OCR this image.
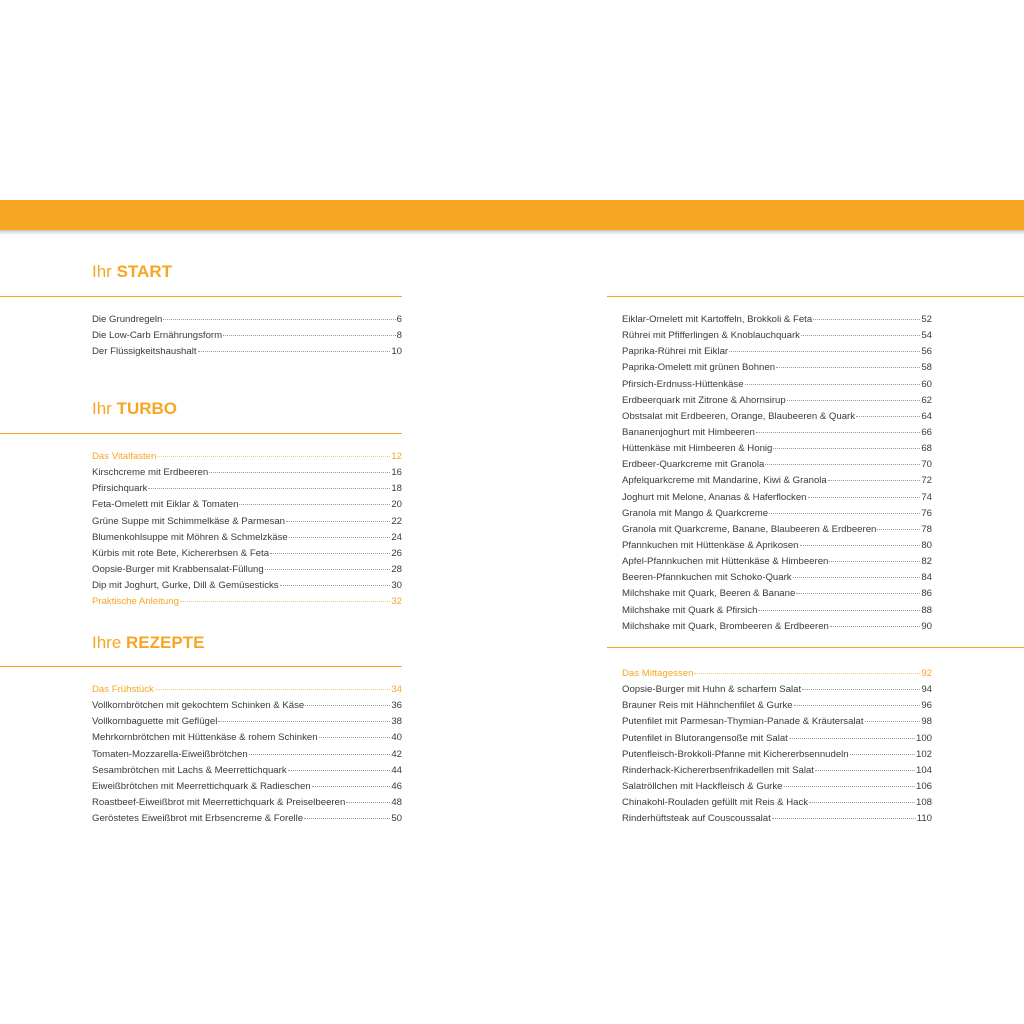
Ihr START
Die Grundregeln	6
Die Low-Carb Ernährungsform	8
Der Flüssigkeitshaushalt	10
Ihr TURBO
Das Vitalfasten	12
Kirschcreme mit Erdbeeren	16
Pfirsichquark	18
Feta-Omelett mit Eiklar & Tomaten	20
Grüne Suppe mit Schimmelkäse & Parmesan	22
Blumenkohlsuppe mit Möhren & Schmelzkäse	24
Kürbis mit rote Bete, Kichererbsen & Feta	26
Oopsie-Burger mit Krabbensalat-Füllung	28
Dip mit Joghurt, Gurke, Dill & Gemüsesticks	30
Praktische Anleitung	32
Ihre REZEPTE
Das Frühstück	34
Vollkornbrötchen mit gekochtem Schinken & Käse	36
Vollkornbaguette mit Geflügel	38
Mehrkornbrötchen mit Hüttenkäse & rohem Schinken	40
Tomaten-Mozzarella-Eiweißbrötchen	42
Sesambrötchen mit Lachs & Meerrettichquark	44
Eiweißbrötchen mit Meerrettichquark & Radieschen	46
Roastbeef-Eiweißbrot mit Meerrettichquark & Preiselbeeren	48
Geröstetes Eiweißbrot mit Erbsencreme & Forelle	50
Eiklar-Omelett mit Kartoffeln, Brokkoli & Feta	52
Rührei mit Pfifferlingen & Knoblauchquark	54
Paprika-Rührei mit Eiklar	56
Paprika-Omelett mit grünen Bohnen	58
Pfirsich-Erdnuss-Hüttenkäse	60
Erdbeerquark mit Zitrone & Ahornsirup	62
Obstsalat mit Erdbeeren, Orange, Blaubeeren & Quark	64
Bananenjoghurt mit Himbeeren	66
Hüttenkäse mit Himbeeren & Honig	68
Erdbeer-Quarkcreme mit Granola	70
Apfelquarkcreme mit Mandarine, Kiwi & Granola	72
Joghurt mit Melone, Ananas & Haferflocken	74
Granola mit Mango & Quarkcreme	76
Granola mit Quarkcreme, Banane, Blaubeeren & Erdbeeren	78
Pfannkuchen mit Hüttenkäse & Aprikosen	80
Apfel-Pfannkuchen mit Hüttenkäse & Himbeeren	82
Beeren-Pfannkuchen mit Schoko-Quark	84
Milchshake mit Quark, Beeren & Banane	86
Milchshake mit Quark & Pfirsich	88
Milchshake mit Quark, Brombeeren & Erdbeeren	90
Das Mittagessen	92
Oopsie-Burger mit Huhn & scharfem Salat	94
Brauner Reis mit Hähnchenfilet & Gurke	96
Putenfilet mit Parmesan-Thymian-Panade & Kräutersalat	98
Putenfilet in Blutorangensoße mit Salat	100
Putenfleisch-Brokkoli-Pfanne mit Kichererbsennudeln	102
Rinderhack-Kichererbsenfrikadellen mit Salat	104
Salatröllchen mit Hackfleisch & Gurke	106
Chinakohl-Rouladen gefüllt mit Reis & Hack	108
Rinderhüftsteak auf Couscoussalat	110
